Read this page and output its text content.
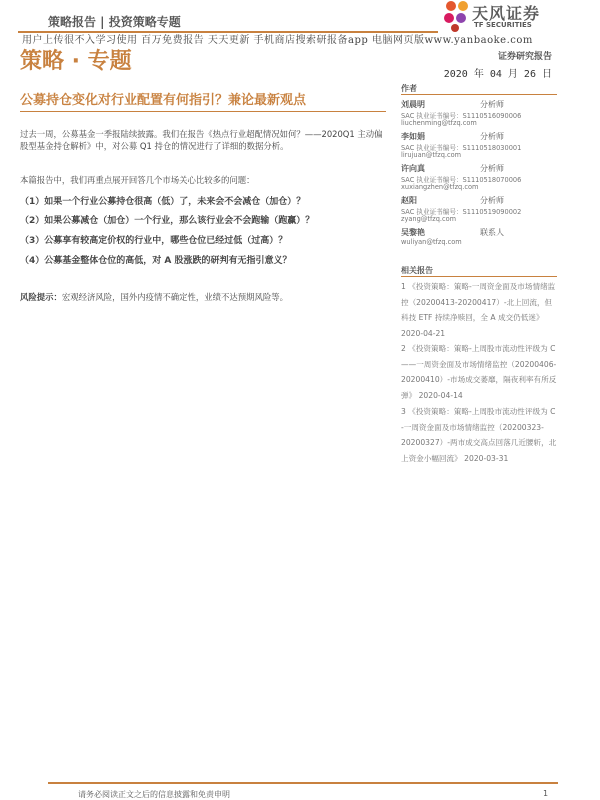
策略报告 | 投资策略专题
用户上传很不入学习使用 百万免费报告 天天更新 手机商店搜索研报备app 电脑网页版www.yanbaoke.com
天风证券
TF SECURITIES
策略 · 专题	证券研究报告
2020 年 04 月 26 日
公募持仓变化对行业配置有何指引？兼论最新观点
过去一周，公募基金一季报陆续披露。我们在报告《热点行业超配情况如何？——2020Q1 主动偏股型基金持仓解析》中，对公募 Q1 持仓的情况进行了详细的数据分析。
本篇报告中，我们再重点展开回答几个市场关心比较多的问题：
（1）如果一个行业公募持仓很高（低）了，未来会不会减仓（加仓）？
（2）如果公募减仓（加仓）一个行业，那么该行业会不会跑输（跑赢）？
（3）公募享有较高定价权的行业中，哪些仓位已经过低（过高）？
（4）公募基金整体仓位的高低，对 A 股涨跌的研判有无指引意义？
风险提示：宏观经济风险，国外内疫情不确定性，业绩不达预期风险等。
作者
刘晨明	分析师
SAC 执业证书编号：S1110516090006
liuchenming@tfzq.com
李如娟	分析师
SAC 执业证书编号：S1110518030001
lirujuan@tfzq.com
许向真	分析师
SAC 执业证书编号：S1110518070006
xuxiangzhen@tfzq.com
赵阳	分析师
SAC 执业证书编号：S1110519090002
zyang@tfzq.com
吴黎艳	联系人
wuliyan@tfzq.com
相关报告
1 《投资策略：策略-一周资金面及市场情绪监控（20200413-20200417）-北上回流，但科技 ETF 持续净赎回，全 A 成交仍低迷》 2020-04-21
2 《投资策略：策略-上周股市流动性评级为 C——一周资金面及市场情绪监控（20200406-20200410）-市场成交萎靡，隔夜利率有所反弹》 2020-04-14
3 《投资策略：策略-上周股市流动性评级为 C -一周资金面及市场情绪监控（20200323-20200327）-两市成交高点回落几近腰斩，北上资金小幅回流》 2020-03-31
请务必阅读正文之后的信息披露和免责申明	1
